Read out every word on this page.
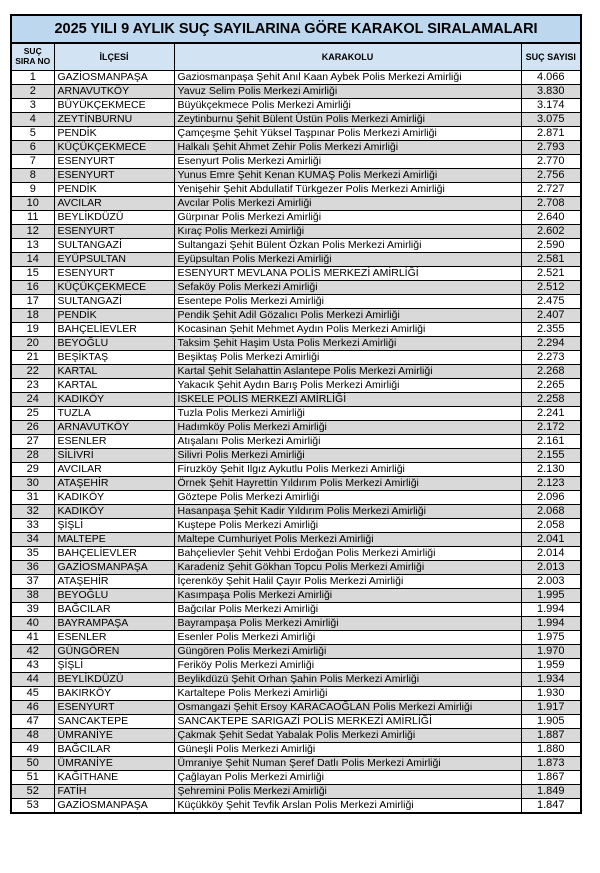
2025 YILI 9 AYLIK SUÇ SAYILARINA GÖRE KARAKOL SIRALAMALARI			
SUÇ SIRA NO	İLÇESİ	KARAKOLU	SUÇ SAYISI
1	GAZİOSMANPAŞA	Gaziosmanpaşa Şehit Anıl Kaan Aybek Polis Merkezi Amirliği	4.066
2	ARNAVUTKÖY	Yavuz Selim Polis Merkezi Amirliği	3.830
3	BÜYÜKÇEKMECE	Büyükçekmece Polis Merkezi Amirliği	3.174
4	ZEYTİNBURNU	Zeytinburnu Şehit Bülent Üstün Polis Merkezi Amirliği	3.075
5	PENDİK	Çamçeşme Şehit Yüksel Taşpınar Polis Merkezi Amirliği	2.871
6	KÜÇÜKÇEKMECE	Halkalı Şehit Ahmet Zehir Polis Merkezi Amirliği	2.793
7	ESENYURT	Esenyurt Polis Merkezi Amirliği	2.770
8	ESENYURT	Yunus Emre Şehit Kenan KUMAŞ Polis Merkezi Amirliği	2.756
9	PENDİK	Yenişehir Şehit Abdullatif Türkgezer Polis Merkezi Amirliği	2.727
10	AVCILAR	Avcılar Polis Merkezi Amirliği	2.708
11	BEYLİKDÜZÜ	Gürpınar Polis Merkezi Amirliği	2.640
12	ESENYURT	Kıraç Polis Merkezi Amirliği	2.602
13	SULTANGAZİ	Sultangazi Şehit Bülent Özkan Polis Merkezi Amirliği	2.590
14	EYÜPSULTAN	Eyüpsultan Polis Merkezi Amirliği	2.581
15	ESENYURT	ESENYURT MEVLANA POLİS MERKEZİ AMİRLİĞİ	2.521
16	KÜÇÜKÇEKMECE	Sefaköy Polis Merkezi Amirliği	2.512
17	SULTANGAZİ	Esentepe Polis Merkezi Amirliği	2.475
18	PENDİK	Pendik Şehit Adil Gözalıcı Polis Merkezi Amirliği	2.407
19	BAHÇELİEVLER	Kocasinan Şehit Mehmet Aydın Polis Merkezi Amirliği	2.355
20	BEYOĞLU	Taksim Şehit Haşim Usta Polis Merkezi Amirliği	2.294
21	BEŞİKTAŞ	Beşiktaş Polis Merkezi Amirliği	2.273
22	KARTAL	Kartal Şehit Selahattin Aslantepe Polis Merkezi Amirliği	2.268
23	KARTAL	Yakacık Şehit Aydın Barış Polis Merkezi Amirliği	2.265
24	KADIKÖY	İSKELE POLİS MERKEZİ AMİRLİĞİ	2.258
25	TUZLA	Tuzla Polis Merkezi Amirliği	2.241
26	ARNAVUTKÖY	Hadımköy Polis Merkezi Amirliği	2.172
27	ESENLER	Atışalanı Polis Merkezi Amirliği	2.161
28	SİLİVRİ	Silivri Polis Merkezi Amirliği	2.155
29	AVCILAR	Firuzköy Şehit Ilgız Aykutlu Polis Merkezi Amirliği	2.130
30	ATAŞEHİR	Örnek Şehit Hayrettin Yıldırım Polis Merkezi Amirliği	2.123
31	KADIKÖY	Göztepe Polis Merkezi Amirliği	2.096
32	KADIKÖY	Hasanpaşa Şehit Kadir Yıldırım Polis Merkezi Amirliği	2.068
33	ŞİŞLİ	Kuştepe Polis Merkezi Amirliği	2.058
34	MALTEPE	Maltepe Cumhuriyet Polis Merkezi Amirliği	2.041
35	BAHÇELİEVLER	Bahçelievler Şehit Vehbi Erdoğan Polis Merkezi Amirliği	2.014
36	GAZİOSMANPAŞA	Karadeniz Şehit Gökhan Topcu Polis Merkezi Amirliği	2.013
37	ATAŞEHİR	İçerenköy Şehit Halil Çayır Polis Merkezi Amirliği	2.003
38	BEYOĞLU	Kasımpaşa Polis Merkezi Amirliği	1.995
39	BAĞCILAR	Bağcılar Polis Merkezi Amirliği	1.994
40	BAYRAMPAŞA	Bayrampaşa Polis Merkezi Amirliği	1.994
41	ESENLER	Esenler Polis Merkezi Amirliği	1.975
42	GÜNGÖREN	Güngören Polis Merkezi Amirliği	1.970
43	ŞİŞLİ	Feriköy Polis Merkezi Amirliği	1.959
44	BEYLİKDÜZÜ	Beylikdüzü Şehit Orhan Şahin Polis Merkezi Amirliği	1.934
45	BAKIRKÖY	Kartaltepe Polis Merkezi Amirliği	1.930
46	ESENYURT	Osmangazi Şehit Ersoy KARACAOĞLAN Polis Merkezi Amirliği	1.917
47	SANCAKTEPE	SANCAKTEPE SARIGAZİ POLİS MERKEZİ AMİRLİĞİ	1.905
48	ÜMRANİYE	Çakmak Şehit Sedat Yabalak Polis Merkezi Amirliği	1.887
49	BAĞCILAR	Güneşli Polis Merkezi Amirliği	1.880
50	ÜMRANİYE	Ümraniye Şehit Numan Şeref Datlı Polis Merkezi Amirliği	1.873
51	KAĞITHANE	Çağlayan Polis Merkezi Amirliği	1.867
52	FATİH	Şehremini Polis Merkezi Amirliği	1.849
53	GAZİOSMANPAŞA	Küçükköy Şehit Tevfik Arslan Polis Merkezi Amirliği	1.847
